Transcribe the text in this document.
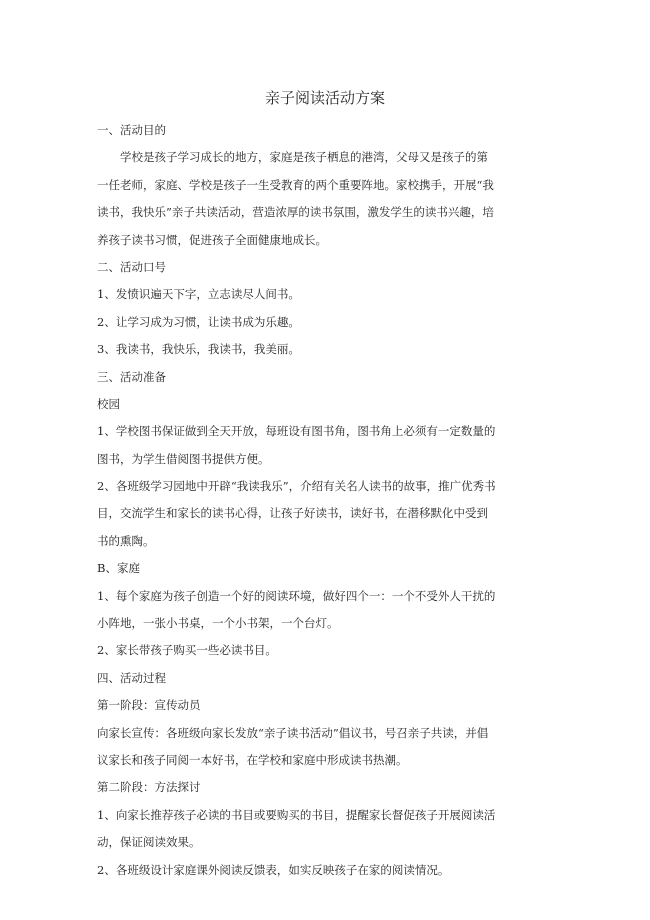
亲子阅读活动方案
一、活动目的
学校是孩子学习成长的地方，家庭是孩子栖息的港湾，父母又是孩子的第
一任老师，家庭、学校是孩子一生受教育的两个重要阵地。家校携手，开展“我
读书，我快乐”亲子共读活动，营造浓厚的读书氛围，激发学生的读书兴趣，培
养孩子读书习惯，促进孩子全面健康地成长。
二、活动口号
1、发愤识遍天下字，立志读尽人间书。
2、让学习成为习惯，让读书成为乐趣。
3、我读书，我快乐，我读书，我美丽。
三、活动准备
校园
1、学校图书保证做到全天开放，每班设有图书角，图书角上必须有一定数量的
图书，为学生借阅图书提供方便。
2、各班级学习园地中开辟“我读我乐”，介绍有关名人读书的故事，推广优秀书
目，交流学生和家长的读书心得，让孩子好读书，读好书，在潜移默化中受到
书的熏陶。
B、家庭
1、每个家庭为孩子创造一个好的阅读环境，做好四个一：一个不受外人干扰的
小阵地，一张小书桌，一个小书架，一个台灯。
2、家长带孩子购买一些必读书目。
四、活动过程
第一阶段：宣传动员
向家长宣传：各班级向家长发放“亲子读书活动”倡议书，号召亲子共读，并倡
议家长和孩子同阅一本好书，在学校和家庭中形成读书热潮。
第二阶段：方法探讨
1、向家长推荐孩子必读的书目或要购买的书目，提醒家长督促孩子开展阅读活
动，保证阅读效果。
2、各班级设计家庭课外阅读反馈表，如实反映孩子在家的阅读情况。
